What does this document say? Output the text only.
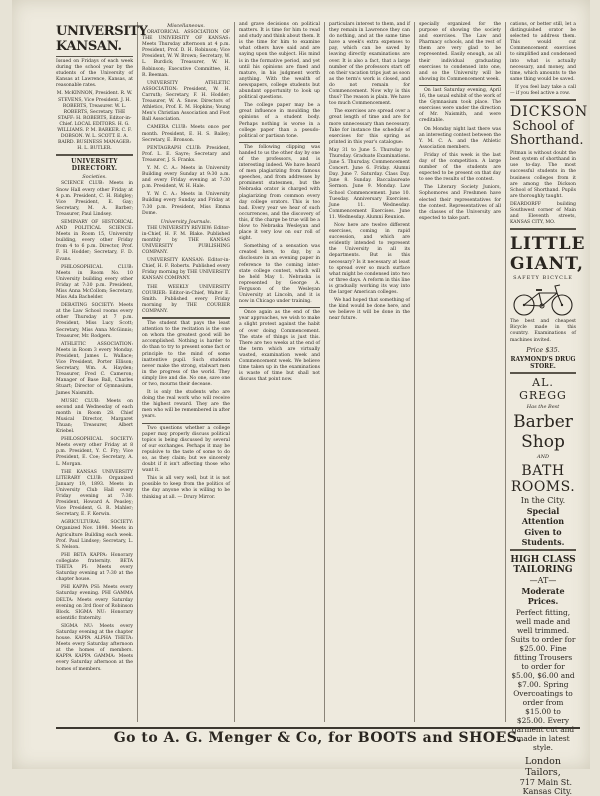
UNIVERSITY KANSAN.

Issued on Fridays of each week during the school year by the students of the University of Kansas at Lawrence, Kansas, at reasonable rates.

M. McKINNON, President. R. W. STEVENS, Vice President. J. H. ROBERTS, Treasurer. W. L. ROBERTS, Secretary. THE STAFF: H. ROBERTS, Editor-in-Chief. LOCAL EDITORS. H. G. WILLIAMS. P. M. BARKER. C. F. DOBSON. W. L. SCOTT. E. A. BAIRD. BUSINESS MANAGER: H. L. BUTLER.

UNIVERSITY DIRECTORY.
Societies.

SCIENCE CLUB: Meets in Snow Hall every other Friday at 4 p.m. President, C. H. Ridgley; Vice President, E. Gay; Secretary, M. A. Barber; Treasurer, Paul Lindsey.

SEMINARY OF HISTORICAL AND POLITICAL SCIENCE: Meets in Room 15, University building, every other Friday from 4 to 6 p.m. Director, Prof. F. H. Hodder; Secretary, F. D. Evans.

PHILOSOPHICAL CLUB: Meets in Room No. 10 University building every other Friday at 7:30 p.m. President, Miss Anna McCollom; Secretary, Miss Ada Bachelder.

DEBATING SOCIETY: Meets at the Law School rooms every other Thursday at 7 p.m. President, Miss Lucy Scott; Secretary, Miss Anna McGinnis; Treasurer, Mr. Rodgers.

ATHLETIC ASSOCIATION: Meets in Room 3 every Monday. President, James L. Wallace; Vice President, Porter Ellison; Secretary, Wm. A. Hayden; Treasurer, Fred C. Cameron; Manager of Base Ball, Charles Stuart; Director of Gymnasium, James Naismith.

MUSIC CLUB: Meets on second and Wednesday of each month in Room 28. Chief Musical Director, Margaret Thuan; Treasurer, Albert Kriebel.

PHILOSOPHICAL SOCIETY: Meets every other Friday at 8 p.m. President, Y. C. Fry; Vice President, E. Coe; Secretary, A. L. Morgan.

THE KANSAS UNIVERSITY LITERARY CLUB: Organized January 19, 1893. Meets in University Club Hall every Friday evening at 7:30. President, Howard A. Peasley; Vice President, G. R. Mahler; Secretary, E. F. Kerwin.

AGRICULTURAL SOCIETY: Organized Nov. 1898. Meets in Agriculture Building each week. Prof. Paul Lindsey; Secretary, L. S. Nelson.

PHI BETA KAPPA: Honorary collegiate fraternity. BETA THETA PI: Meets every Saturday evening at 7:30 at the chapter house.

PHI KAPPA PSI: Meets every Saturday evening. PHI GAMMA DELTA: Meets every Saturday evening on 3rd floor of Robinson Block. SIGMA NU: Honorary scientific fraternity.

SIGMA NU: Meets every Saturday evening at the chapter house. KAPPA ALPHA THETA: Meets every Saturday afternoon at the homes of members. KAPPA KAPPA GAMMA: Meets every Saturday afternoon at the homes of members.

Miscellaneous.

ORATORICAL ASSOCIATION OF THE UNIVERSITY OF KANSAS: Meets Thursday afternoon at 4 p.m. President, Prof. D. H. Robinson; Vice President, W. W. Brown; Secretary, W. L. Burdick; Treasurer, W. H. Robinson; Executive Committee, H. R. Beeman.

UNIVERSITY ATHLETIC ASSOCIATION: President, W. H. Carruth; Secretary, F. H. Hodder; Treasurer, W. A. Snow. Directors of Athletics, Prof. E. M. Hopkins; Young Men's Christian Association and Foot Ball Association.

CAMERA CLUB: Meets once per month. President, E. H. S. Bailey; Secretary, E. Bronson.

PENTAGRAPH CLUB: President, Prof. L. E. Sayre; Secretary and Treasurer, J. S. Franks.

Y. M. C. A.: Meets in University Building every Sunday at 9:30 a.m. and every Friday evening at 7:30 p.m. President, W. H. Hale.

Y. W. C. A.: Meets in University Building every Sunday and Friday at 7:30 p.m. President, Miss Emma Dome.

University Journals.

THE UNIVERSITY REVIEW: Editor-in-Chief, H. F. M. Blake. Published monthly by THE KANSAS UNIVERSITY PUBLISHING COMPANY.

UNIVERSITY KANSAN: Editor-in-Chief, H. F. Roberts. Published every Friday morning by THE UNIVERSITY KANSAN COMPANY.

THE WEEKLY UNIVERSITY COURIER: Editor-in-Chief, Walter E. Smith. Published every Friday morning by THE COURIER COMPANY.

The student that pays the least attention to the recitation is the one on whom the greatest good will be accomplished. Nothing is harder to do than to try to present some fact or principle to the mind of some inattentive pupil. Such students never make the strong, stalwart men in the progress of the world. They simply live and die. No one, save one or two, mourns their decease.

It is only the students who are doing the real work who will receive the highest reward. They are the men who will be remembered in after years.

Two questions whether a college paper may properly discuss political topics is being discussed by several of our exchanges. Perhaps it may be repulsive to the taste of some to do so, as they claim; but we sincerely doubt if it isn't affecting those who want it.

This is all very well, but it is not possible to keep from the politics of the day anyone who is willing to be thinking at all. — Drury Mirror.

and grave decisions on political matters. It is time for him to read and study and think about them. It is the time for him to examine what others have said and are saying upon the subject. His mind is in the formative period, and yet until his opinions are fixed and mature, in his judgment worth anything. With the wealth of newspapers, college students but abundant opportunity to look up political questions.

The college paper may be a great influence in moulding the opinions of a student body. Perhaps nothing is worse in a college paper than a pseudo-political or partisan tone.

The following clipping was handed to us the other day by one of the professors, and is interesting indeed. We have heard of men plagiarizing from famous speeches, and from addresses by prominent statesmen, but the Nebraska orator is charged with plagiarizing from common every day college orators. This is too bad. Every year we hear of such occurrences, and the discovery of this, if the charge be true will be a blow to Nebraska Wesleyan and place it very low on our roll of sight.

Something of a sensation was created here, to day, by a disclosure in an evening paper in reference to the coming inter-state college contest, which will be held May 1. Nebraska is represented by George A. Ferguson of the Wesleyan University at Lincoln, and it is now in Chicago under training.

Once again as the end of the year approaches, we wish to make a slight protest against the habit of over doing Commencement. The state of things is just this. There are two weeks at the end of the term which are virtually wasted, examination week and Commencement week. We believe time taken up in the examinations is waste of time but shall not discuss that point now.

particulars interest to them, and if they remain in Lawrence they can do nothing, and at the same time have a week's extra expenses to pay, which can be saved by leaving directly examinations are over. It is also a fact, that a large number of the professors start off on their vacation trips just as soon as the term's work is closed, and do not remain for Commencement. Now why is this thus? The reason is plain. We have too much Commencement.

The exercises are spread over a great length of time and are for more unnecessary than necessary. Take for instance the schedule of exercises for this spring as printed in this year's catalogue:

May 31 to June 5. Thursday to Thursday. Graduate Examinations. June 5. Thursday. Commencement Concert. June 6. Friday. Alumni Day. June 7. Saturday. Class Day. June 8. Sunday. Baccalaureate Sermon. June 9. Monday. Law School Commencement. June 10. Tuesday. Anniversary Exercises. June 11. Wednesday. Commencement Exercises. June 11. Wednesday. Alumni Reunion.

Now here are twelve different exercises, coming in rapid succession, and which are evidently intended to represent the University in all its departments. But is this necessary? Is it necessary at least to spread over so much surface what might be condensed into two or three days. A reform in this line is gradually working its way into the larger American colleges.

We had hoped that something of the kind would be done here, and we believe it will be done in the near future.

specially organized for the purpose of showing the society and exercises. The Law and Pharmacy schools, and the rest of them are very glad to be represented. Easily enough, as all their individual graduating exercises to condensed into one, and so the University will be showing its Commencement week.

On last Saturday evening, April 16, the usual exhibit of the work of the Gymnasium took place. The exercises were under the direction of Mr. Naismith, and were creditable.

On Monday night last there was an interesting contest between the Y. M. C. A. and the Athletic Association members.

Friday of this week is the last day of the competition. A large number of the students are expected to be present on that day to see the results of the contest.

The Literary Society Juniors, Sophomores and Freshmen have elected their representatives for the contest. Representatives of all the classes of the University are expected to take part.

cations, or better still, let a distinguished orator be selected to address them. This would cut Commencement exercises to simplified and condensed into what is actually necessary, and money, and time, which amounts to the same thing would be saved.

If you feel lazy take a call — if you feel active a row.

DICKSON
School of Shorthand.

Pitman is without doubt the best system of shorthand in use to-day. The most successful students in the business colleges from it are among the Dickson School of Shorthand. Pupils are thoroughly taught.

DEARDORFF building Southwest corner of Main and Eleventh streets, KANSAS CITY, MO.

LITTLE GIANT,
SAFETY BICYCLE

The best and cheapest Bicycle made in this country. Examinations of machines invited.

Price $35.
RAYMOND'S DRUG STORE.
AL. GREGG
Has the Best
Barber Shop
AND
BATH ROOMS.
In the City.
Special Attention
Given to Students.
HIGH CLASS TAILORING
—AT—
Moderate Prices.
Perfect fitting, well made and well trimmed. Suits to order for $25.00. Fine fitting Trousers to order for $5.00, $6.00 and $7.00. Spring Overcoatings to order from $15.00 to $25.00. Every garment cut and made in latest style.
London Tailors,
717 Main St.
Kansas City.
Go to A. G. Menger & Co, for BOOTS and SHOES.
